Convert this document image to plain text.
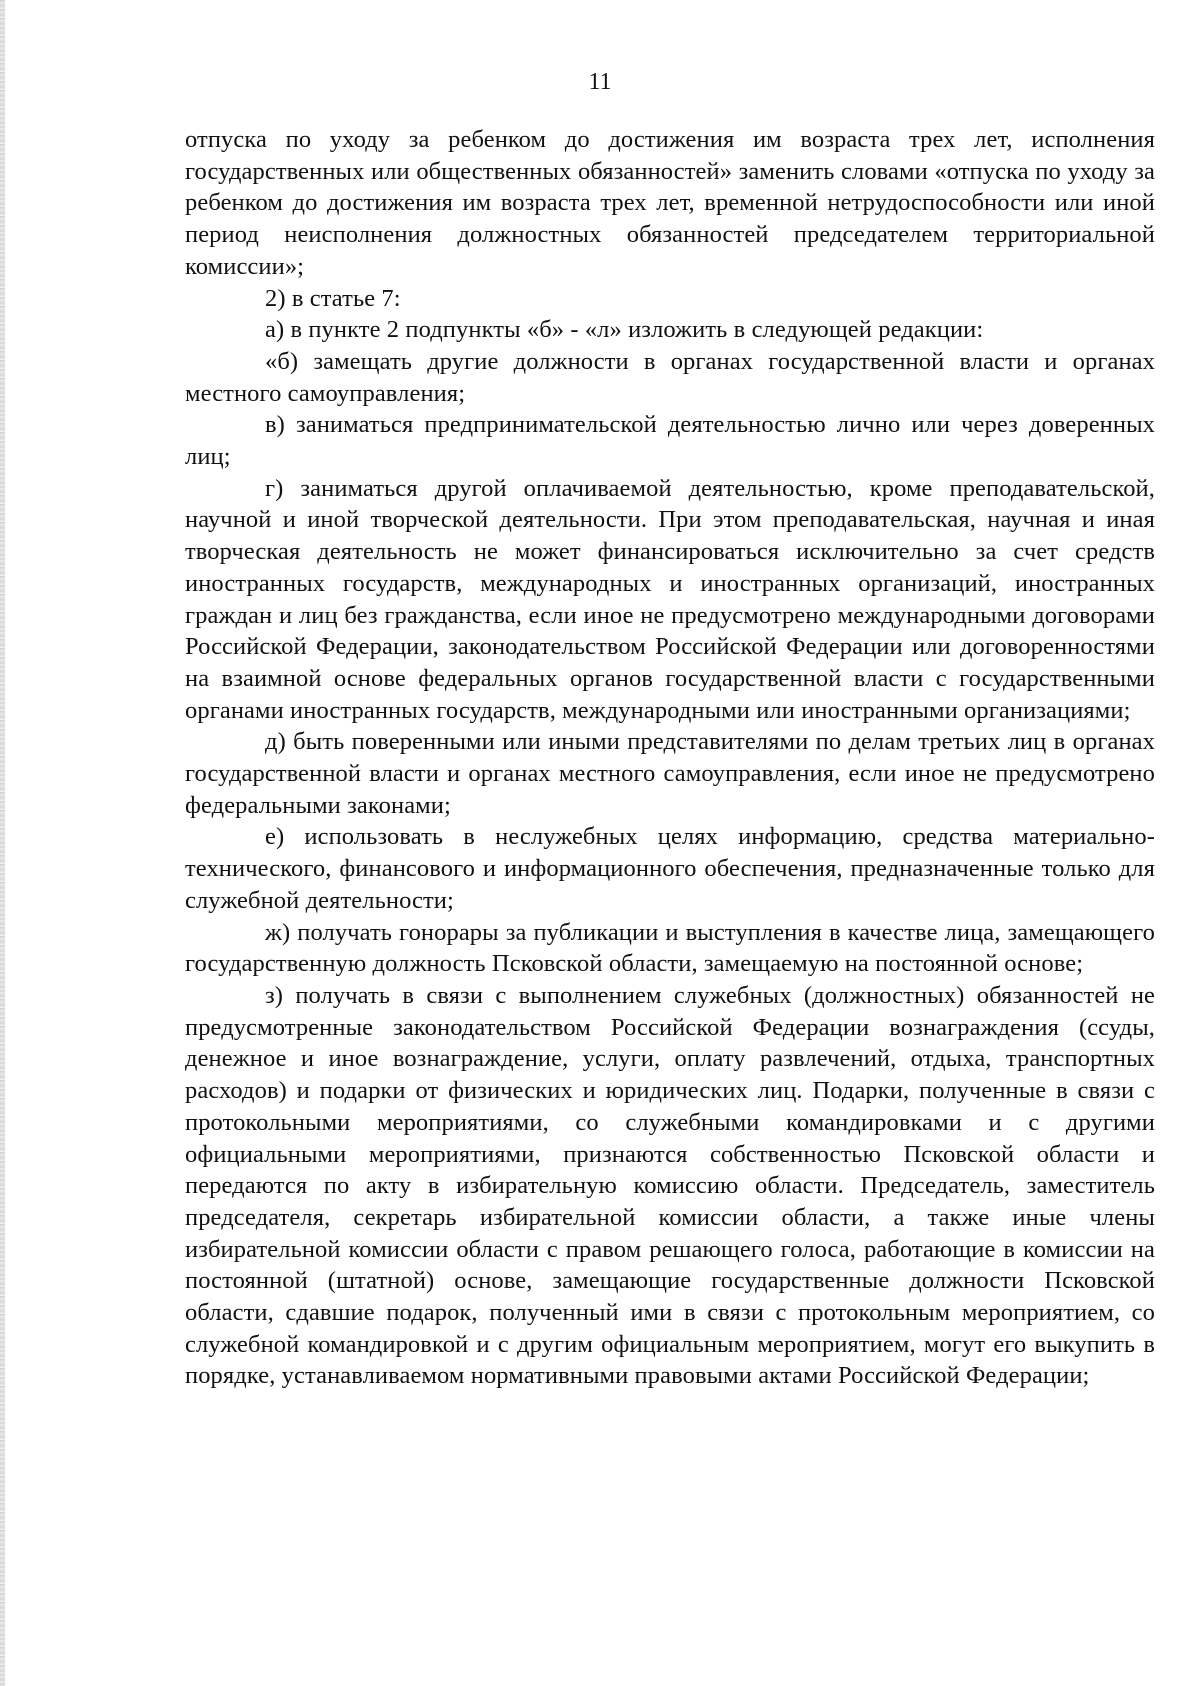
11

отпуска по уходу за ребенком до достижения им возраста трех лет, исполнения государственных или общественных обязанностей» заменить словами «отпуска по уходу за ребенком до достижения им возраста трех лет, временной нетрудоспособности или иной период неисполнения должностных обязанностей председателем территориальной комиссии»;

2) в статье 7:

а) в пункте 2 подпункты «б» - «л» изложить в следующей редакции:

«б) замещать другие должности в органах государственной власти и органах местного самоуправления;

в) заниматься предпринимательской деятельностью лично или через доверенных лиц;

г) заниматься другой оплачиваемой деятельностью, кроме преподавательской, научной и иной творческой деятельности. При этом преподавательская, научная и иная творческая деятельность не может финансироваться исключительно за счет средств иностранных государств, международных и иностранных организаций, иностранных граждан и лиц без гражданства, если иное не предусмотрено международными договорами Российской Федерации, законодательством Российской Федерации или договоренностями на взаимной основе федеральных органов государственной власти с государственными органами иностранных государств, международными или иностранными организациями;

д) быть поверенными или иными представителями по делам третьих лиц в органах государственной власти и органах местного самоуправления, если иное не предусмотрено федеральными законами;

е) использовать в неслужебных целях информацию, средства материально-технического, финансового и информационного обеспечения, предназначенные только для служебной деятельности;

ж) получать гонорары за публикации и выступления в качестве лица, замещающего государственную должность Псковской области, замещаемую на постоянной основе;

з) получать в связи с выполнением служебных (должностных) обязанностей не предусмотренные законодательством Российской Федерации вознаграждения (ссуды, денежное и иное вознаграждение, услуги, оплату развлечений, отдыха, транспортных расходов) и подарки от физических и юридических лиц. Подарки, полученные в связи с протокольными мероприятиями, со служебными командировками и с другими официальными мероприятиями, признаются собственностью Псковской области и передаются по акту в избирательную комиссию области. Председатель, заместитель председателя, секретарь избирательной комиссии области, а также иные члены избирательной комиссии области с правом решающего голоса, работающие в комиссии на постоянной (штатной) основе, замещающие государственные должности Псковской области, сдавшие подарок, полученный ими в связи с протокольным мероприятием, со служебной командировкой и с другим официальным мероприятием, могут его выкупить в порядке, устанавливаемом нормативными правовыми актами Российской Федерации;
